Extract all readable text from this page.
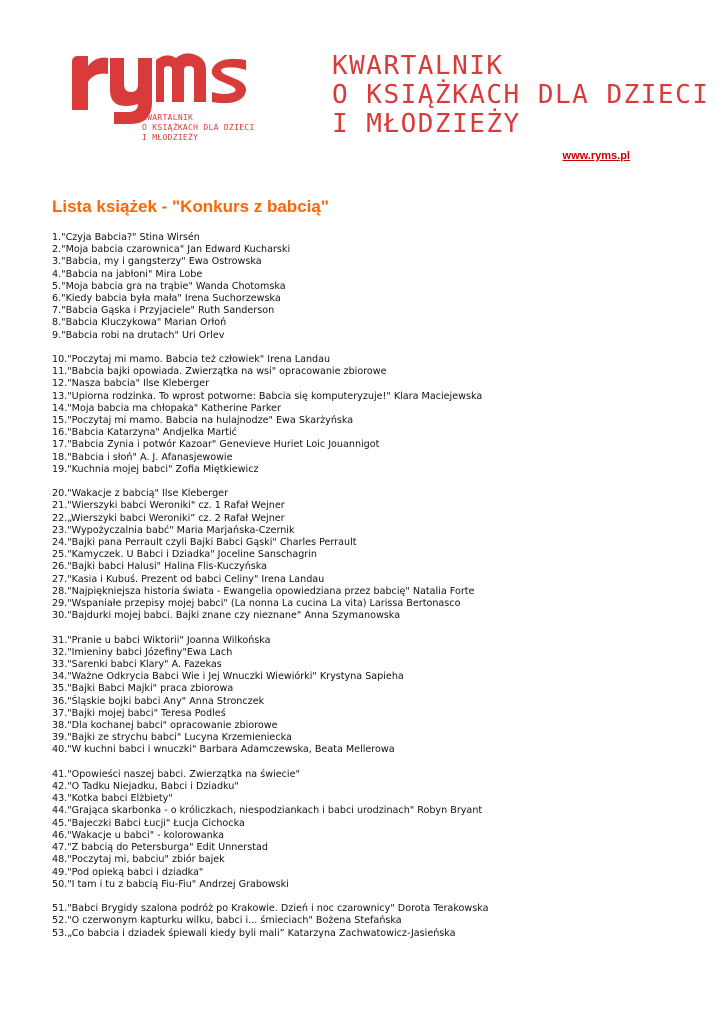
KWARTALNIK
O KSIĄŻKACH DLA DZIECI
I MŁODZIEŻY
KWARTALNIK
O KSIĄŻKACH DLA DZIECI
I MŁODZIEŻY
www.ryms.pl
Lista książek - "Konkurs z babcią"
1."Czyja Babcia?" Stina Wirsén
2."Moja babcia czarownica" Jan Edward Kucharski
3."Babcia, my i gangsterzy" Ewa Ostrowska
4."Babcia na jabłoni" Mira Lobe
5."Moja babcia gra na trąbie" Wanda Chotomska
6."Kiedy babcia była mała" Irena Suchorzewska
7."Babcia Gąska i Przyjaciele" Ruth Sanderson
8."Babcia Kluczykowa" Marian Orłoń
9."Babcia robi na drutach" Uri Orlev
10."Poczytaj mi mamo. Babcia też człowiek" Irena Landau
11."Babcia bajki opowiada. Zwierzątka na wsi" opracowanie zbiorowe
12."Nasza babcia" Ilse Kleberger
13."Upiorna rodzinka. To wprost potworne: Babcia się komputeryzuje!" Klara Maciejewska
14."Moja babcia ma chłopaka" Katherine Parker
15."Poczytaj mi mamo. Babcia na hulajnodze" Ewa Skarżyńska
16."Babcia Katarzyna" Andjelka Martić
17."Babcia Zynia i potwór Kazoar" Genevieve Huriet Loic Jouannigot
18."Babcia i słoń" A. J. Afanasjewowie
19."Kuchnia mojej babci" Zofia Miętkiewicz
20."Wakacje z babcią" Ilse Kleberger
21."Wierszyki babci Weroniki" cz. 1 Rafał Wejner
22.„Wierszyki babci Weroniki” cz. 2 Rafał Wejner
23."Wypożyczalnia babć" Maria Marjańska-Czernik
24."Bajki pana Perrault czyli Bajki Babci Gąski" Charles Perrault
25."Kamyczek. U Babci i Dziadka" Joceline Sanschagrin
26."Bajki babci Halusi" Halina Flis-Kuczyńska
27."Kasia i Kubuś. Prezent od babci Celiny" Irena Landau
28."Najpiękniejsza historia świata - Ewangelia opowiedziana przez babcię" Natalia Forte
29."Wspaniałe przepisy mojej babci" (La nonna La cucina La vita) Larissa Bertonasco
30."Bajdurki mojej babci. Bajki znane czy nieznane" Anna Szymanowska
31."Pranie u babci Wiktorii" Joanna Wilkońska
32."Imieniny babci Józefiny"Ewa Lach
33."Sarenki babci Klary" A. Fazekas
34."Ważne Odkrycia Babci Wie i Jej Wnuczki Wiewiórki" Krystyna Sapieha
35."Bajki Babci Majki" praca zbiorowa
36."Śląskie bojki babci Any" Anna Stronczek
37."Bajki mojej babci" Teresa Podleś
38."Dla kochanej babci" opracowanie zbiorowe
39."Bajki ze strychu babci" Lucyna Krzemieniecka
40."W kuchni babci i wnuczki" Barbara Adamczewska, Beata Mellerowa
41."Opowieści naszej babci. Zwierzątka na świecie"
42."O Tadku Niejadku, Babci i Dziadku"
43."Kotka babci Elżbiety"
44."Grająca skarbonka - o króliczkach, niespodziankach i babci urodzinach" Robyn Bryant
45."Bajeczki Babci Łucji" Łucja Cichocka
46."Wakacje u babci" - kolorowanka
47."Z babcią do Petersburga" Edit Unnerstad
48."Poczytaj mi, babciu" zbiór bajek
49."Pod opieką babci i dziadka"
50."I tam i tu z babcią Fiu-Fiu" Andrzej Grabowski
51."Babci Brygidy szalona podróż po Krakowie. Dzień i noc czarownicy" Dorota Terakowska
52."O czerwonym kapturku wilku, babci i... śmieciach" Bożena Stefańska
53.„Co babcia i dziadek śpiewali kiedy byli mali” Katarzyna Zachwatowicz-Jasieńska
